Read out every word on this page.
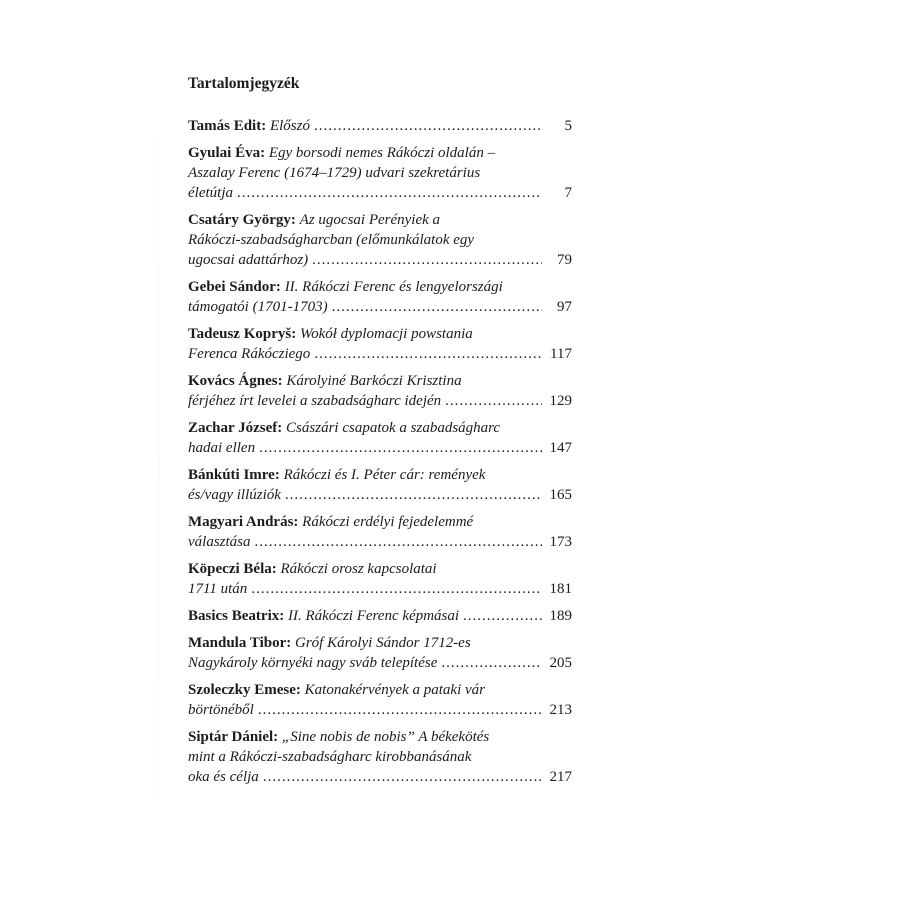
Tartalomjegyzék
Tamás Edit: Előszó .....	5
Gyulai Éva: Egy borsodi nemes Rákóczi oldalán –
Aszalay Ferenc (1674–1729) udvari szekretárius
életútja .....	7
Csatáry György: Az ugocsai Perényiek a
Rákóczi-szabadságharcban (előmunkálatok egy
ugocsai adattárhoz) .....	79
Gebei Sándor: II. Rákóczi Ferenc és lengyelországi
támogatói (1701-1703) .....	97
Tadeusz Kopryš: Wokół dyplomacji powstania
Ferenca Rákócziego .....	117
Kovács Ágnes: Károlyiné Barkóczi Krisztina
férjéhez írt levelei a szabadságharc idején .....	129
Zachar József: Császári csapatok a szabadságharc
hadai ellen .....	147
Bánkúti Imre: Rákóczi és I. Péter cár: remények
és/vagy illúziók .....	165
Magyari András: Rákóczi erdélyi fejedelemmé
választása .....	173
Köpeczi Béla: Rákóczi orosz kapcsolatai
1711 után .....	181
Basics Beatrix: II. Rákóczi Ferenc képmásai .....	189
Mandula Tibor: Gróf Károlyi Sándor 1712-es
Nagykároly környéki nagy sváb telepítése .....	205
Szoleczky Emese: Katonakérvények a pataki vár
börtönéből .....	213
Siptár Dániel: „Sine nobis de nobis” A békekötés
mint a Rákóczi-szabadságharc kirobbanásának
oka és célja .....	217
